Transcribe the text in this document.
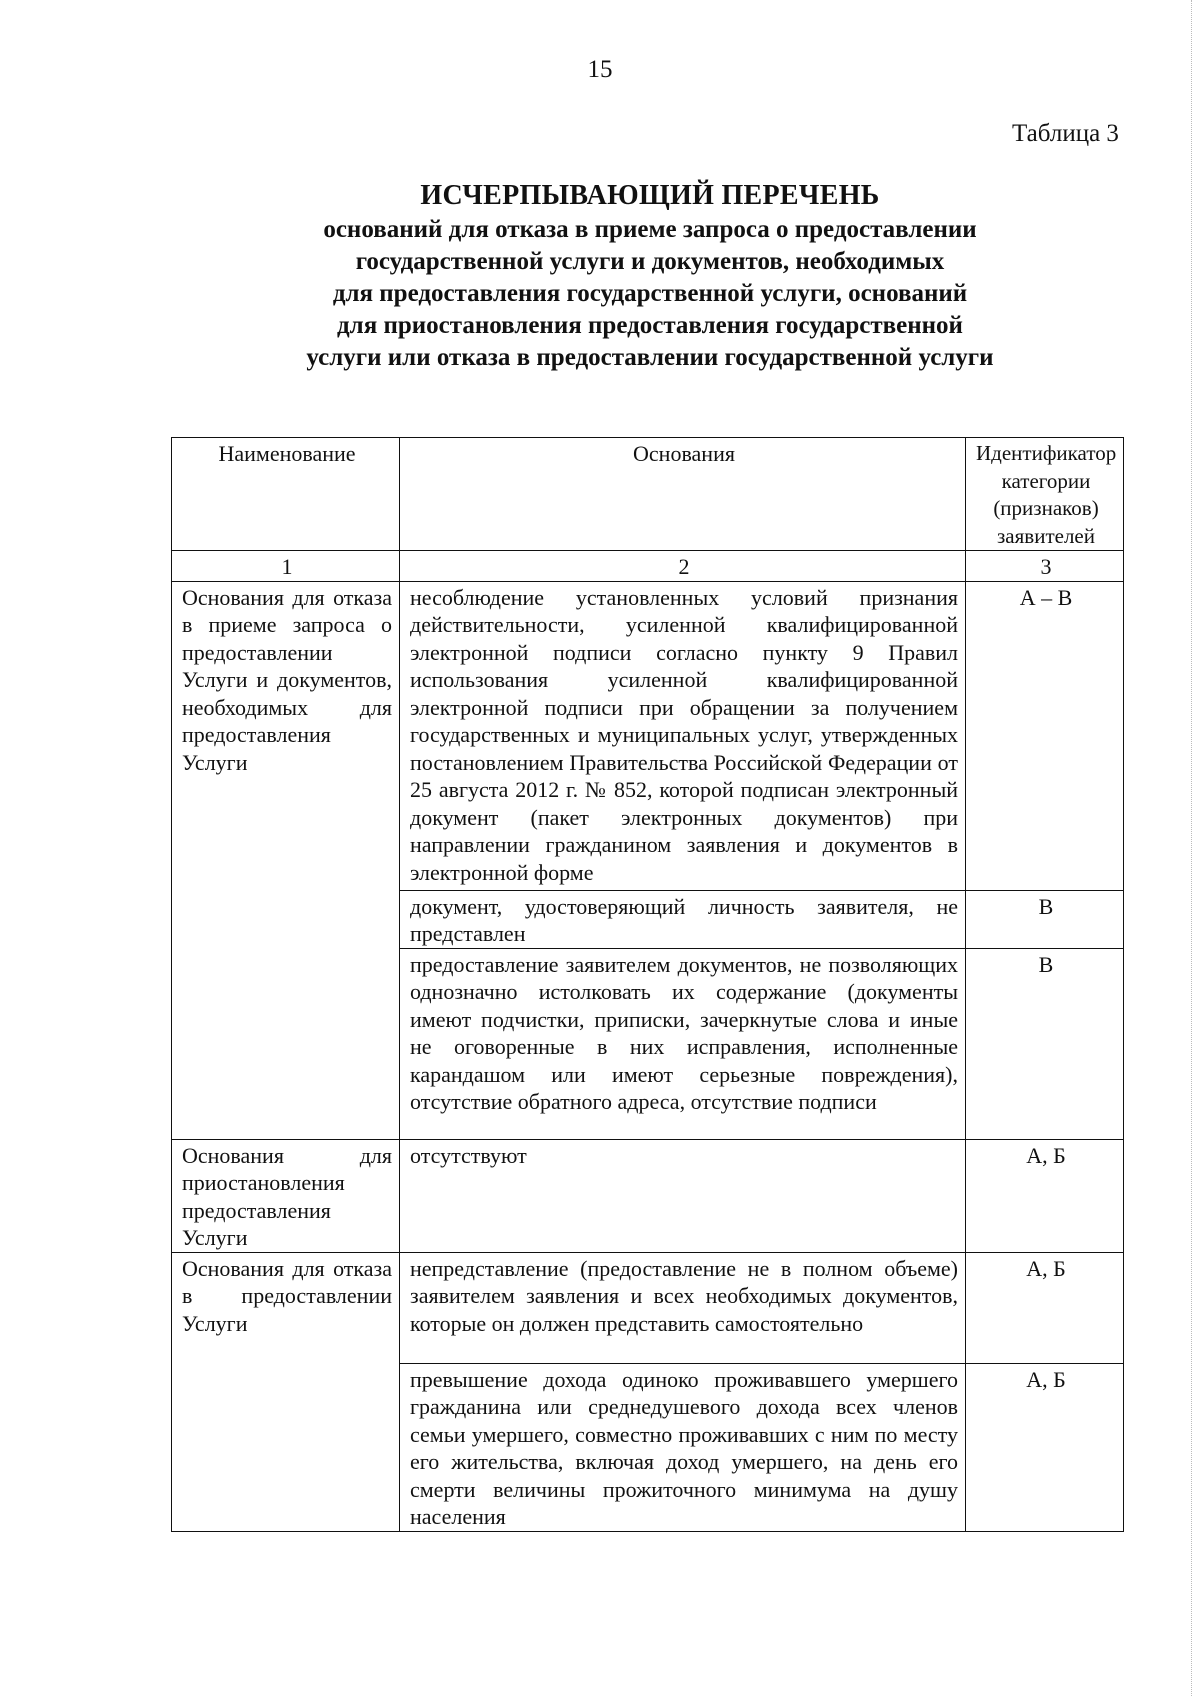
15
Таблица 3
ИСЧЕРПЫВАЮЩИЙ ПЕРЕЧЕНЬ
оснований для отказа в приеме запроса о предоставлении
государственной услуги и документов, необходимых
для предоставления государственной услуги, оснований
для приостановления предоставления государственной
услуги или отказа в предоставлении государственной услуги
Наименование	Основания	Идентификатор категории (признаков) заявителей
1	2	3
Основания для отказа в приеме запроса о предоставлении Услуги и документов, необходимых для предоставления Услуги	несоблюдение установленных условий признания действительности, усиленной квалифицированной электронной подписи согласно пункту 9 Правил использования усиленной квалифицированной электронной подписи при обращении за получением государственных и муниципальных услуг, утвержденных постановлением Правительства Российской Федерации от 25 августа 2012 г. № 852, которой подписан электронный документ (пакет электронных документов) при направлении гражданином заявления и документов в электронной форме	А – В
	документ, удостоверяющий личность заявителя, не представлен	В
	предоставление заявителем документов, не позволяющих однозначно истолковать их содержание (документы имеют подчистки, приписки, зачеркнутые слова и иные не оговоренные в них исправления, исполненные карандашом или имеют серьезные повреждения), отсутствие обратного адреса, отсутствие подписи	В
Основания для приостановления предоставления Услуги	отсутствуют	А, Б
Основания для отказа в предоставлении Услуги	непредставление (предоставление не в полном объеме) заявителем заявления и всех необходимых документов, которые он должен представить самостоятельно	А, Б
	превышение дохода одиноко проживавшего умершего гражданина или среднедушевого дохода всех членов семьи умершего, совместно проживавших с ним по месту его жительства, включая доход умершего, на день его смерти величины прожиточного минимума на душу населения	А, Б
